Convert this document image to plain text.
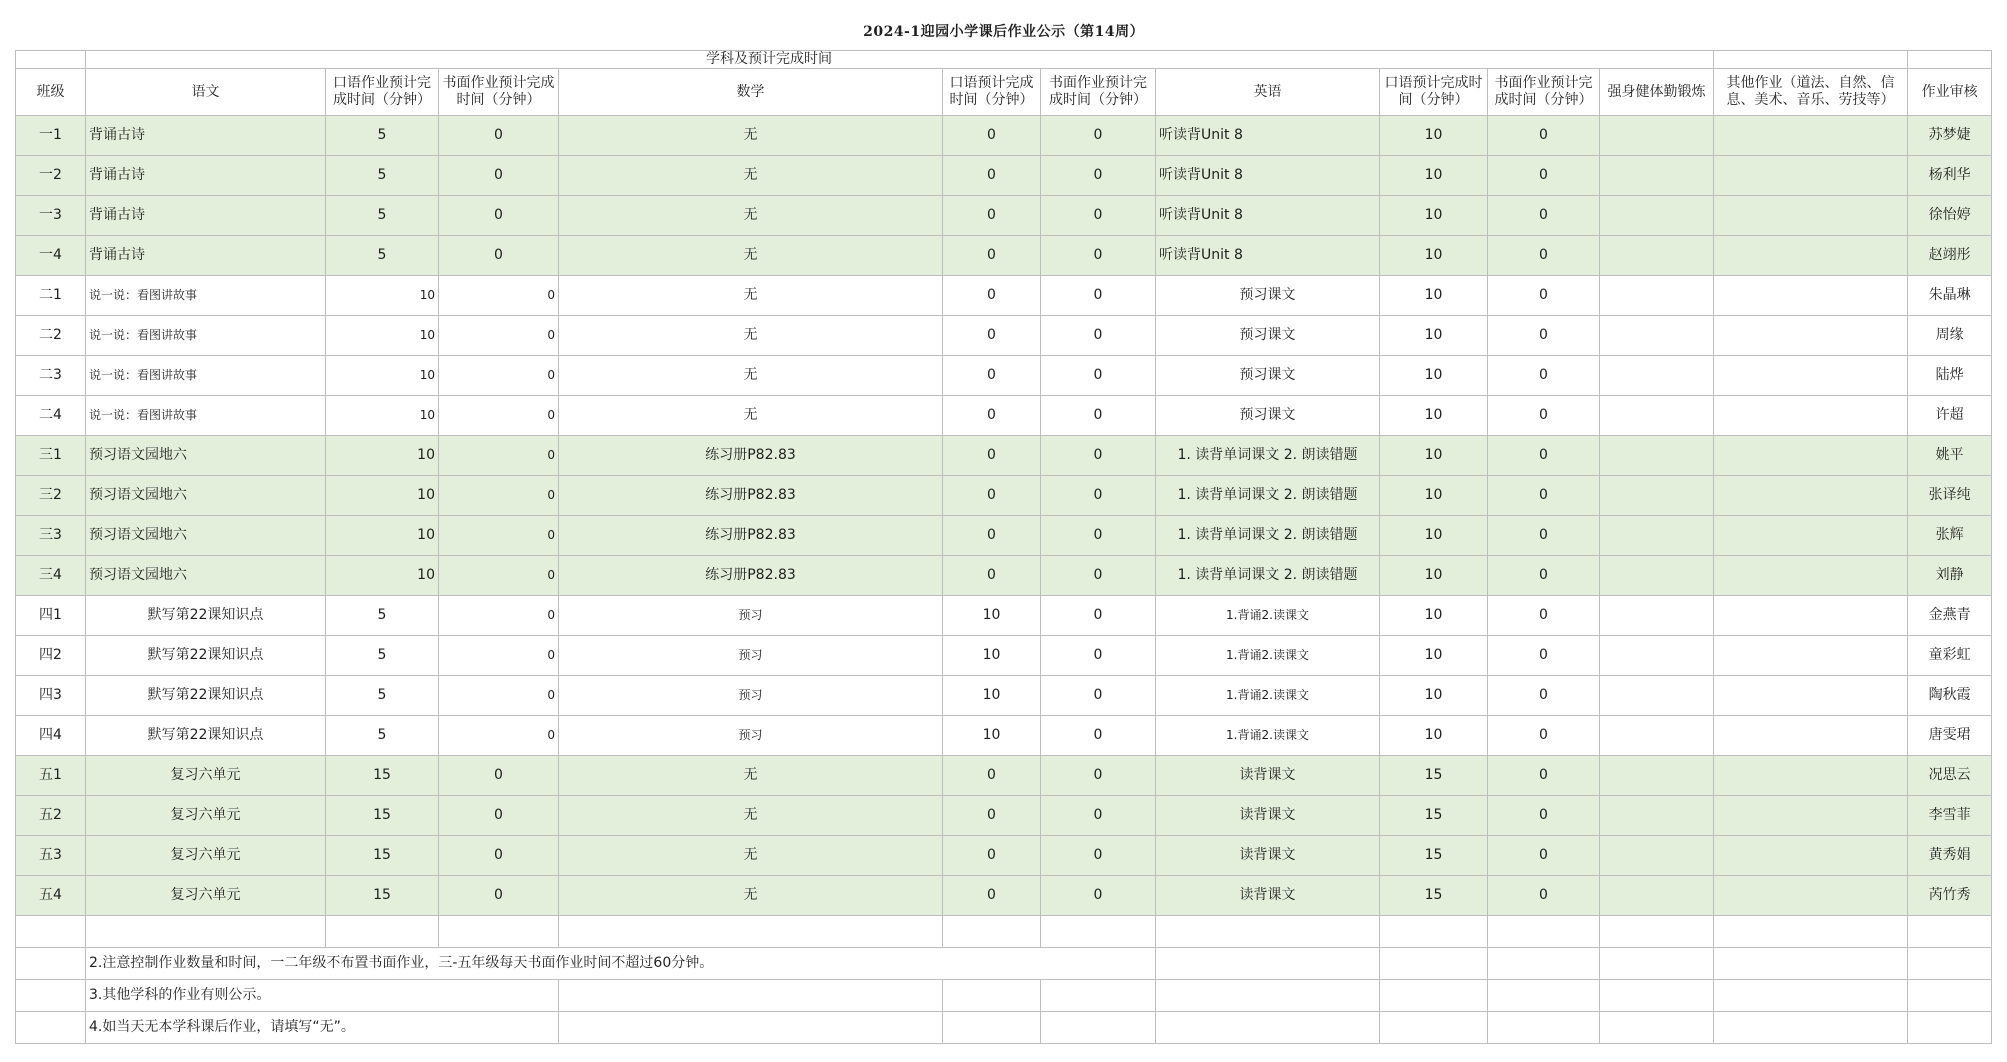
2024-1迎园小学课后作业公示（第14周）												
	学科及预计完成时间											
班级	语文	口语作业预计完成时间（分钟）	书面作业预计完成时间（分钟）	数学	口语预计完成时间（分钟）	书面作业预计完成时间（分钟）	英语	口语预计完成时间（分钟）	书面作业预计完成时间（分钟）	强身健体勤锻炼	其他作业（道法、自然、信息、美术、音乐、劳技等）	作业审核
一1	背诵古诗	5	0	无	0	0	听读背Unit 8	10	0			苏梦婕
一2	背诵古诗	5	0	无	0	0	听读背Unit 8	10	0			杨利华
一3	背诵古诗	5	0	无	0	0	听读背Unit 8	10	0			徐怡婷
一4	背诵古诗	5	0	无	0	0	听读背Unit 8	10	0			赵翊彤
二1	说一说：看图讲故事	10	0	无	0	0	预习课文	10	0			朱晶琳
二2	说一说：看图讲故事	10	0	无	0	0	预习课文	10	0			周缘
二3	说一说：看图讲故事	10	0	无	0	0	预习课文	10	0			陆烨
二4	说一说：看图讲故事	10	0	无	0	0	预习课文	10	0			许超
三1	预习语文园地六	10	0	练习册P82.83	0	0	1. 读背单词课文 2. 朗读错题	10	0			姚平
三2	预习语文园地六	10	0	练习册P82.83	0	0	1. 读背单词课文 2. 朗读错题	10	0			张译纯
三3	预习语文园地六	10	0	练习册P82.83	0	0	1. 读背单词课文 2. 朗读错题	10	0			张辉
三4	预习语文园地六	10	0	练习册P82.83	0	0	1. 读背单词课文 2. 朗读错题	10	0			刘静
四1	默写第22课知识点	5	0	预习	10	0	1.背诵2.读课文	10	0			金燕青
四2	默写第22课知识点	5	0	预习	10	0	1.背诵2.读课文	10	0			童彩虹
四3	默写第22课知识点	5	0	预习	10	0	1.背诵2.读课文	10	0			陶秋霞
四4	默写第22课知识点	5	0	预习	10	0	1.背诵2.读课文	10	0			唐雯珺
五1	复习六单元	15	0	无	0	0	读背课文	15	0			况思云
五2	复习六单元	15	0	无	0	0	读背课文	15	0			李雪菲
五3	复习六单元	15	0	无	0	0	读背课文	15	0			黄秀娟
五4	复习六单元	15	0	无	0	0	读背课文	15	0			芮竹秀

	2.注意控制作业数量和时间，一二年级不布置书面作业，三-五年级每天书面作业时间不超过60分钟。											
	3.其他学科的作业有则公示。											
	4.如当天无本学科课后作业，请填写“无”。											
